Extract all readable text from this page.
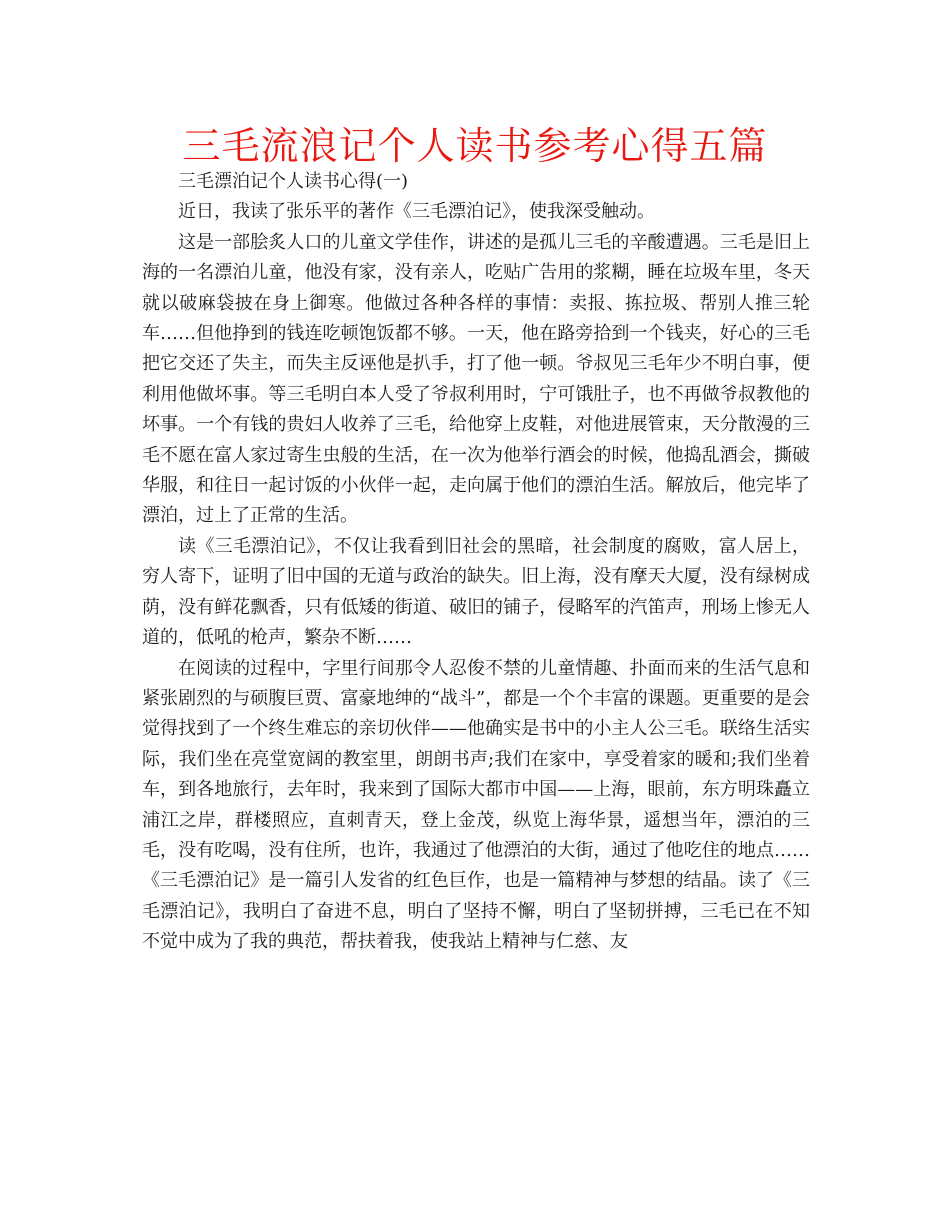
三毛流浪记个人读书参考心得五篇

三毛漂泊记个人读书心得(一)

近日，我读了张乐平的著作《三毛漂泊记》，使我深受触动。

这是一部脍炙人口的儿童文学佳作，讲述的是孤儿三毛的辛酸遭遇。三毛是旧上海的一名漂泊儿童，他没有家，没有亲人，吃贴广告用的浆糊，睡在垃圾车里，冬天就以破麻袋披在身上御寒。他做过各种各样的事情：卖报、拣拉圾、帮别人推三轮车……但他挣到的钱连吃顿饱饭都不够。一天，他在路旁拾到一个钱夹，好心的三毛把它交还了失主，而失主反诬他是扒手，打了他一顿。爷叔见三毛年少不明白事，便利用他做坏事。等三毛明白本人受了爷叔利用时，宁可饿肚子，也不再做爷叔教他的坏事。一个有钱的贵妇人收养了三毛，给他穿上皮鞋，对他进展管束，天分散漫的三毛不愿在富人家过寄生虫般的生活，在一次为他举行酒会的时候，他捣乱酒会，撕破华服，和往日一起讨饭的小伙伴一起，走向属于他们的漂泊生活。解放后，他完毕了漂泊，过上了正常的生活。

读《三毛漂泊记》，不仅让我看到旧社会的黑暗，社会制度的腐败，富人居上，穷人寄下，证明了旧中国的无道与政治的缺失。旧上海，没有摩天大厦，没有绿树成荫，没有鲜花飘香，只有低矮的街道、破旧的铺子，侵略军的汽笛声，刑场上惨无人道的，低吼的枪声，繁杂不断……

在阅读的过程中，字里行间那令人忍俊不禁的儿童情趣、扑面而来的生活气息和紧张剧烈的与硕腹巨贾、富豪地绅的“战斗”，都是一个个丰富的课题。更重要的是会觉得找到了一个终生难忘的亲切伙伴——他确实是书中的小主人公三毛。联络生活实际，我们坐在亮堂宽阔的教室里，朗朗书声;我们在家中，享受着家的暖和;我们坐着车，到各地旅行，去年时，我来到了国际大都市中国——上海，眼前，东方明珠矗立浦江之岸，群楼照应，直刺青天，登上金茂，纵览上海华景，遥想当年，漂泊的三毛，没有吃喝，没有住所，也许，我通过了他漂泊的大街，通过了他吃住的地点……《三毛漂泊记》是一篇引人发省的红色巨作，也是一篇精神与梦想的结晶。读了《三毛漂泊记》，我明白了奋进不息，明白了坚持不懈，明白了坚韧拼搏，三毛已在不知不觉中成为了我的典范，帮扶着我，使我站上精神与仁慈、友
